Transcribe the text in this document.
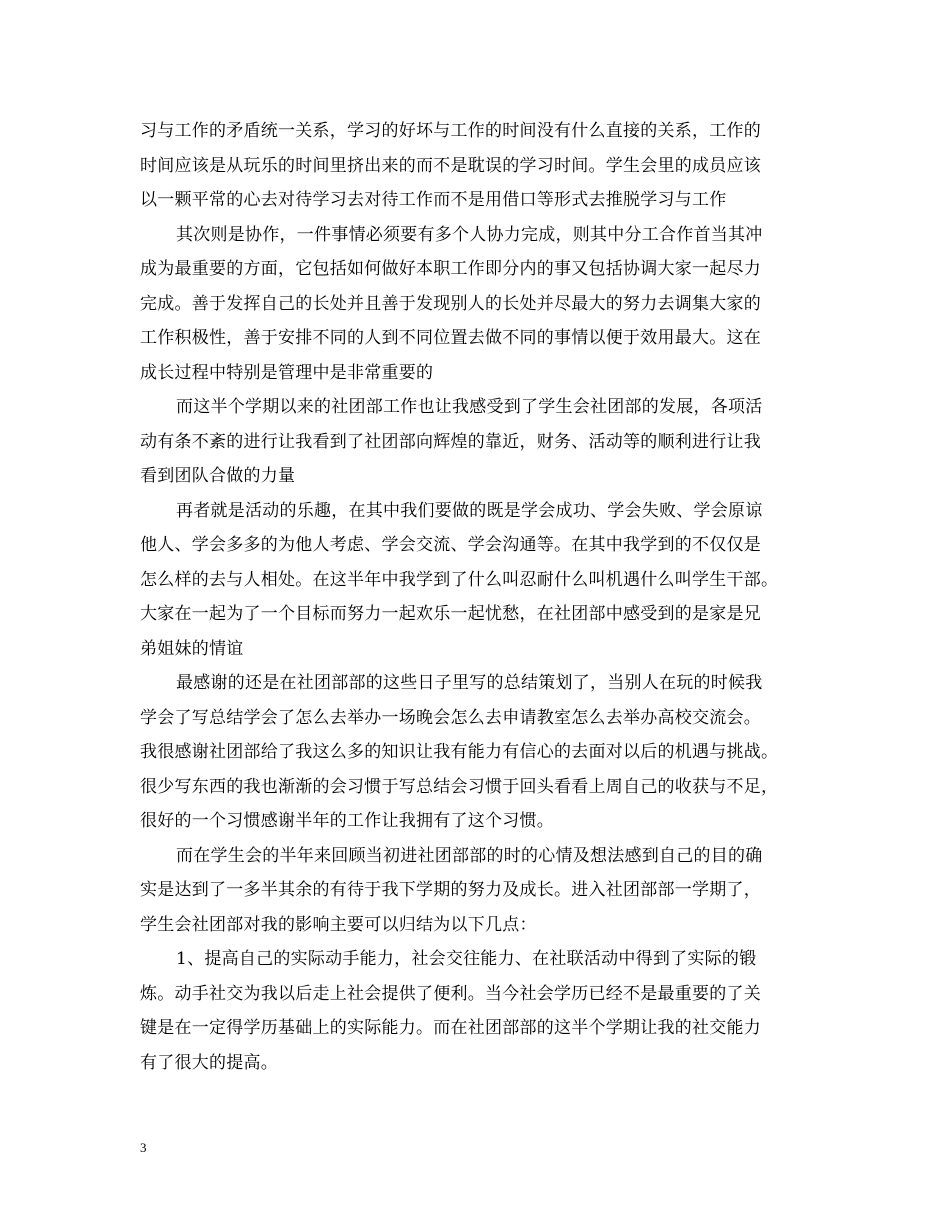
习与工作的矛盾统一关系，学习的好坏与工作的时间没有什么直接的关系，工作的
时间应该是从玩乐的时间里挤出来的而不是耽误的学习时间。学生会里的成员应该
以一颗平常的心去对待学习去对待工作而不是用借口等形式去推脱学习与工作
其次则是协作，一件事情必须要有多个人协力完成，则其中分工合作首当其冲
成为最重要的方面，它包括如何做好本职工作即分内的事又包括协调大家一起尽力
完成。善于发挥自己的长处并且善于发现别人的长处并尽最大的努力去调集大家的
工作积极性，善于安排不同的人到不同位置去做不同的事情以便于效用最大。这在
成长过程中特别是管理中是非常重要的
而这半个学期以来的社团部工作也让我感受到了学生会社团部的发展，各项活
动有条不紊的进行让我看到了社团部向辉煌的靠近，财务、活动等的顺利进行让我
看到团队合做的力量
再者就是活动的乐趣，在其中我们要做的既是学会成功、学会失败、学会原谅
他人、学会多多的为他人考虑、学会交流、学会沟通等。在其中我学到的不仅仅是
怎么样的去与人相处。在这半年中我学到了什么叫忍耐什么叫机遇什么叫学生干部。
大家在一起为了一个目标而努力一起欢乐一起忧愁，在社团部中感受到的是家是兄
弟姐妹的情谊
最感谢的还是在社团部部的这些日子里写的总结策划了，当别人在玩的时候我
学会了写总结学会了怎么去举办一场晚会怎么去申请教室怎么去举办高校交流会。
我很感谢社团部给了我这么多的知识让我有能力有信心的去面对以后的机遇与挑战。
很少写东西的我也渐渐的会习惯于写总结会习惯于回头看看上周自己的收获与不足，
很好的一个习惯感谢半年的工作让我拥有了这个习惯。
而在学生会的半年来回顾当初进社团部部的时的心情及想法感到自己的目的确
实是达到了一多半其余的有待于我下学期的努力及成长。进入社团部部一学期了，
学生会社团部对我的影响主要可以归结为以下几点：
1、提高自己的实际动手能力，社会交往能力、在社联活动中得到了实际的锻
炼。动手社交为我以后走上社会提供了便利。当今社会学历已经不是最重要的了关
键是在一定得学历基础上的实际能力。而在社团部部的这半个学期让我的社交能力
有了很大的提高。
3
